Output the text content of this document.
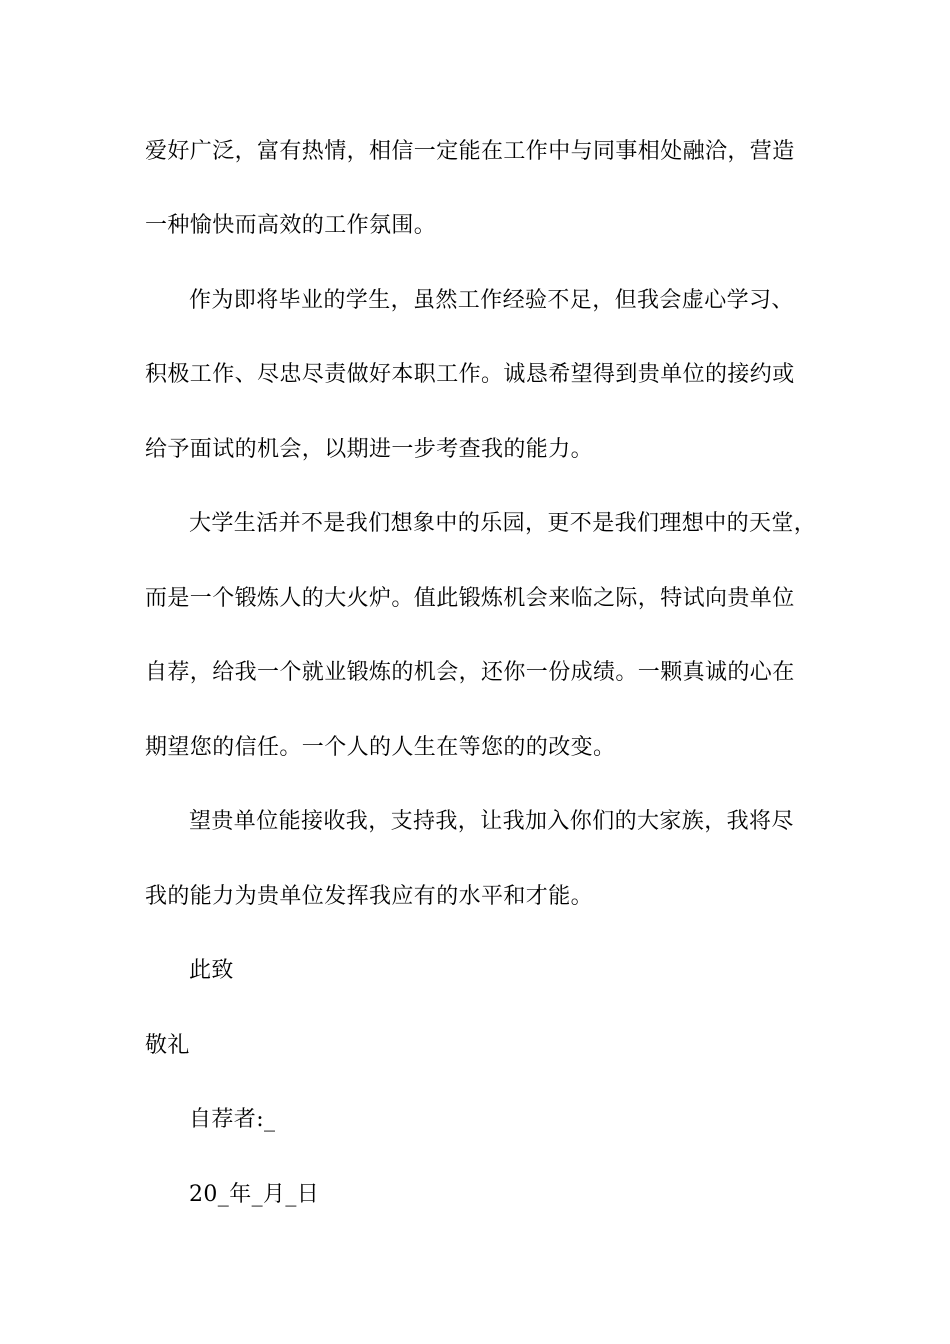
爱好广泛，富有热情，相信一定能在工作中与同事相处融洽，营造
一种愉快而高效的工作氛围。
作为即将毕业的学生，虽然工作经验不足，但我会虚心学习、
积极工作、尽忠尽责做好本职工作。诚恳希望得到贵单位的接约或
给予面试的机会，以期进一步考查我的能力。
大学生活并不是我们想象中的乐园，更不是我们理想中的天堂，
而是一个锻炼人的大火炉。值此锻炼机会来临之际，特试向贵单位
自荐，给我一个就业锻炼的机会，还你一份成绩。一颗真诚的心在
期望您的信任。一个人的人生在等您的的改变。
望贵单位能接收我，支持我，让我加入你们的大家族，我将尽
我的能力为贵单位发挥我应有的水平和才能。
此致
敬礼
自荐者:_
20_年_月_日
